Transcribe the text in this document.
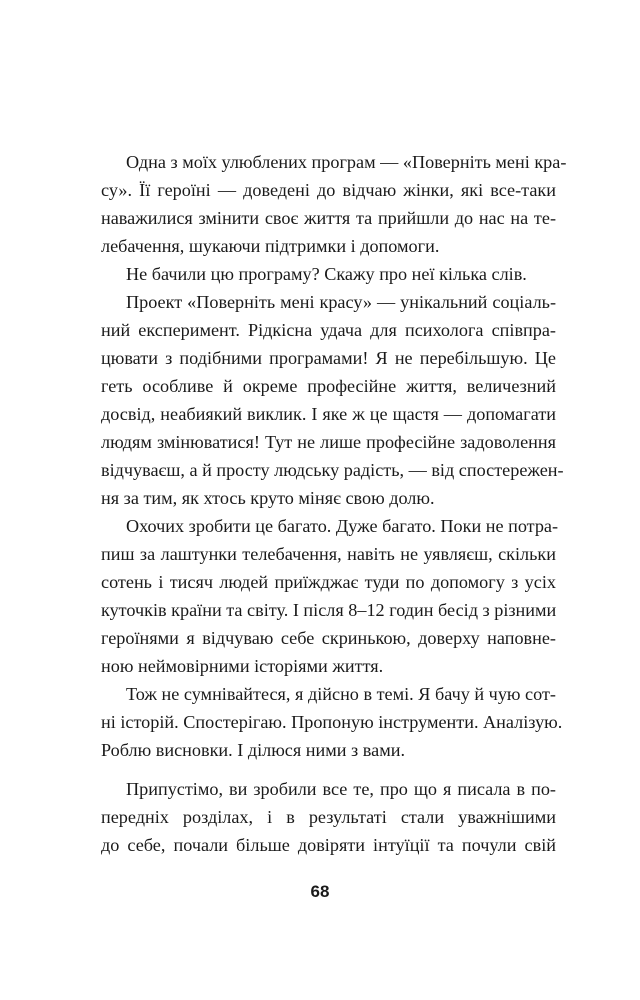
Одна з моїх улюблених програм — «Поверніть мені кра-
су». Її героїні — доведені до відчаю жінки, які все-таки
наважилися змінити своє життя та прийшли до нас на те-
лебачення, шукаючи підтримки і допомоги.
Не бачили цю програму? Скажу про неї кілька слів.
Проект «Поверніть мені красу» — унікальний соціаль-
ний експеримент. Рідкісна удача для психолога співпра-
цювати з подібними програмами! Я не перебільшую. Це
геть особливе й окреме професійне життя, величезний
досвід, неабиякий виклик. І яке ж це щастя — допомагати
людям змінюватися! Тут не лише професійне задоволення
відчуваєш, а й просту людську радість, — від спостережен-
ня за тим, як хтось круто міняє свою долю.
Охочих зробити це багато. Дуже багато. Поки не потра-
пиш за лаштунки телебачення, навіть не уявляєш, скільки
сотень і тисяч людей приїжджає туди по допомогу з усіх
куточків країни та світу. І після 8–12 годин бесід з різними
героїнями я відчуваю себе скринькою, доверху наповне-
ною неймовірними історіями життя.
Тож не сумнівайтеся, я дійсно в темі. Я бачу й чую сот-
ні історій. Спостерігаю. Пропоную інструменти. Аналізую.
Роблю висновки. І ділюся ними з вами.
Припустімо, ви зробили все те, про що я писала в по-
передніх розділах, і в результаті стали уважнішими
до себе, почали більше довіряти інтуїції та почули свій
68
